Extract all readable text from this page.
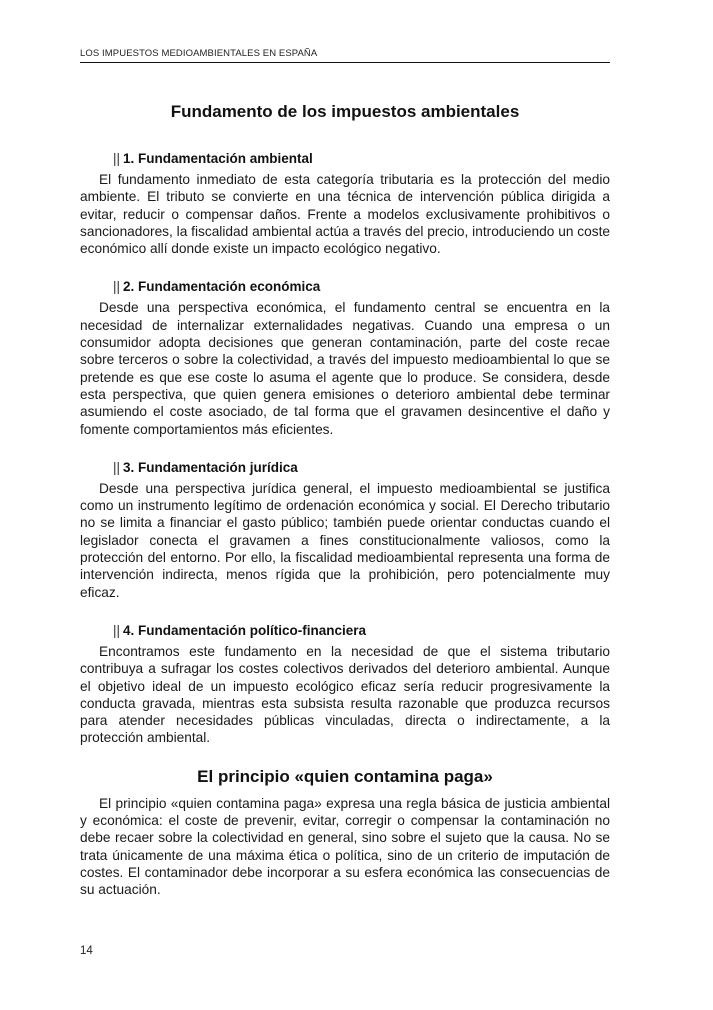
LOS IMPUESTOS MEDIOAMBIENTALES EN ESPAÑA
Fundamento de los impuestos ambientales
|| 1. Fundamentación ambiental

El fundamento inmediato de esta categoría tributaria es la protección del medio ambiente. El tributo se convierte en una técnica de intervención pública dirigida a evitar, reducir o compensar daños. Frente a modelos exclusivamente prohibitivos o sancionadores, la fiscalidad ambiental actúa a través del precio, introduciendo un coste económico allí donde existe un impacto ecológico negativo.

|| 2. Fundamentación económica

Desde una perspectiva económica, el fundamento central se encuentra en la necesidad de internalizar externalidades negativas. Cuando una empresa o un consumidor adopta decisiones que generan contaminación, parte del coste recae sobre terceros o sobre la colectividad, a través del impuesto medioambiental lo que se pretende es que ese coste lo asuma el agente que lo produce. Se considera, desde esta perspectiva, que quien genera emisiones o deterioro ambiental debe terminar asumiendo el coste asociado, de tal forma que el gravamen desincentive el daño y fomente comportamientos más eficientes.

|| 3. Fundamentación jurídica

Desde una perspectiva jurídica general, el impuesto medioambiental se justifica como un instrumento legítimo de ordenación económica y social. El Derecho tributario no se limita a financiar el gasto público; también puede orientar conductas cuando el legislador conecta el gravamen a fines constitucionalmente valiosos, como la protección del entorno. Por ello, la fiscalidad medioambiental representa una forma de intervención indirecta, menos rígida que la prohibición, pero potencialmente muy eficaz.

|| 4. Fundamentación político-financiera

Encontramos este fundamento en la necesidad de que el sistema tributario contribuya a sufragar los costes colectivos derivados del deterioro ambiental. Aunque el objetivo ideal de un impuesto ecológico eficaz sería reducir progresivamente la conducta gravada, mientras esta subsista resulta razonable que produzca recursos para atender necesidades públicas vinculadas, directa o indirectamente, a la protección ambiental.

El principio «quien contamina paga»

El principio «quien contamina paga» expresa una regla básica de justicia ambiental y económica: el coste de prevenir, evitar, corregir o compensar la contaminación no debe recaer sobre la colectividad en general, sino sobre el sujeto que la causa. No se trata únicamente de una máxima ética o política, sino de un criterio de imputación de costes. El contaminador debe incorporar a su esfera económica las consecuencias de su actuación.

14
